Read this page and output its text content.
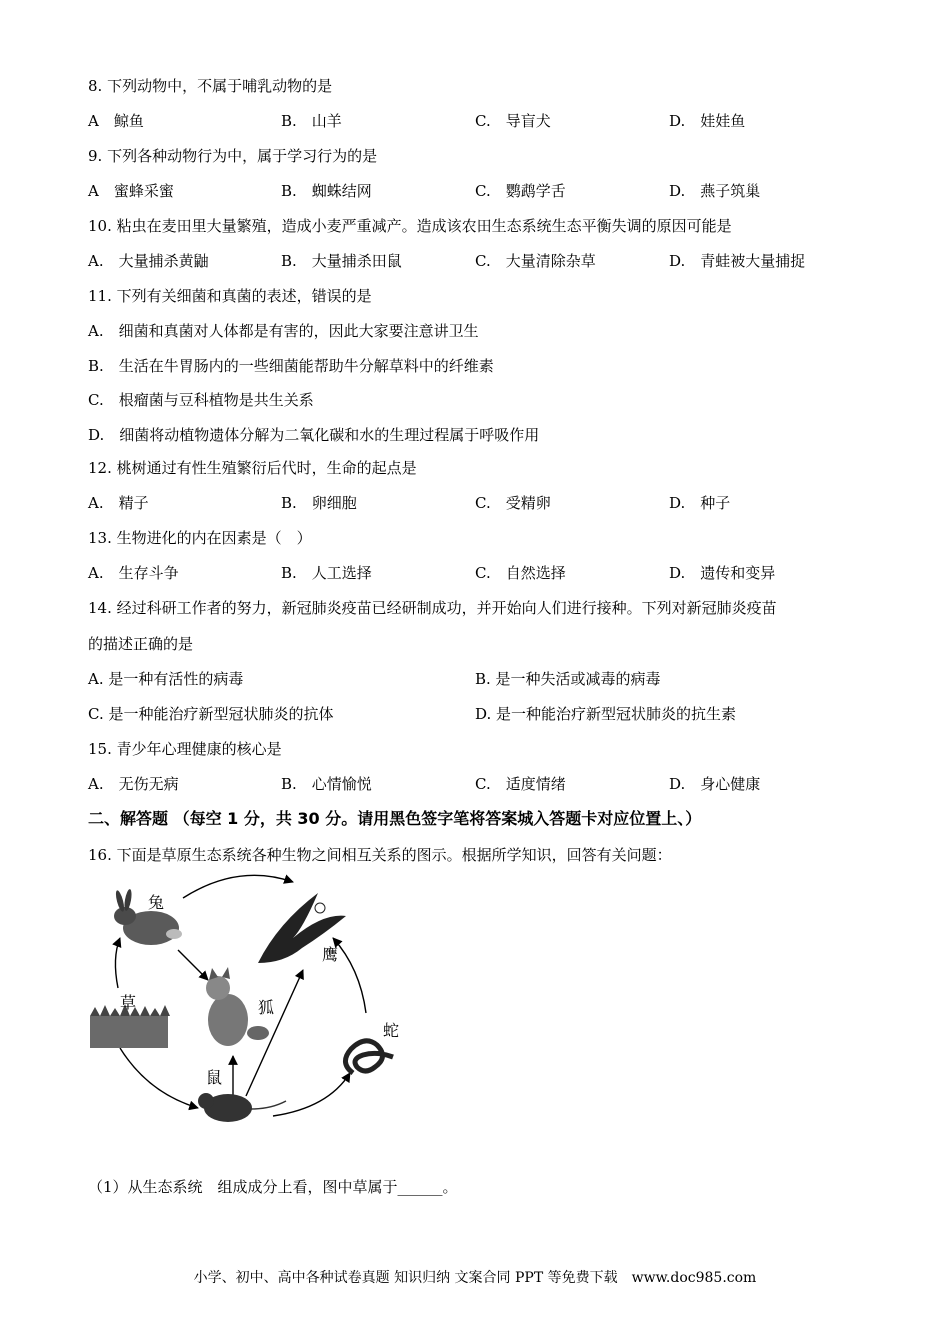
8. 下列动物中，不属于哺乳动物的是
A　鲸鱼	B.　山羊	C.　导盲犬	D.　娃娃鱼
9. 下列各种动物行为中，属于学习行为的是
A　蜜蜂采蜜	B.　蜘蛛结网	C.　鹦鹉学舌	D.　燕子筑巢
10. 粘虫在麦田里大量繁殖，造成小麦严重减产。造成该农田生态系统生态平衡失调的原因可能是
A.　大量捕杀黄鼬	B.　大量捕杀田鼠	C.　大量清除杂草	D.　青蛙被大量捕捉
11. 下列有关细菌和真菌的表述，错误的是
A.　细菌和真菌对人体都是有害的，因此大家要注意讲卫生
B.　生活在牛胃肠内的一些细菌能帮助牛分解草料中的纤维素
C.　根瘤菌与豆科植物是共生关系
D.　细菌将动植物遗体分解为二氧化碳和水的生理过程属于呼吸作用
12. 桃树通过有性生殖繁衍后代时，生命的起点是
A.　精子	B.　卵细胞	C.　受精卵	D.　种子
13. 生物进化的内在因素是（　）
A.　生存斗争	B.　人工选择	C.　自然选择	D.　遗传和变异
14. 经过科研工作者的努力，新冠肺炎疫苗已经研制成功，并开始向人们进行接种。下列对新冠肺炎疫苗
的描述正确的是
A. 是一种有活性的病毒	B. 是一种失活或减毒的病毒
C. 是一种能治疗新型冠状肺炎的抗体	D. 是一种能治疗新型冠状肺炎的抗生素
15. 青少年心理健康的核心是
A.　无伤无病	B.　心情愉悦	C.　适度情绪	D.　身心健康
二、解答题 （每空 1 分，共 30 分。请用黑色签字笔将答案城入答题卡对应位置上、）
16. 下面是草原生态系统各种生物之间相互关系的图示。根据所学知识，回答有关问题：
兔
鹰
草	狐
蛇
鼠
（1）从生态系统　组成成分上看，图中草属于______。
小学、初中、高中各种试卷真题 知识归纳 文案合同 PPT 等免费下载　www.doc985.com
